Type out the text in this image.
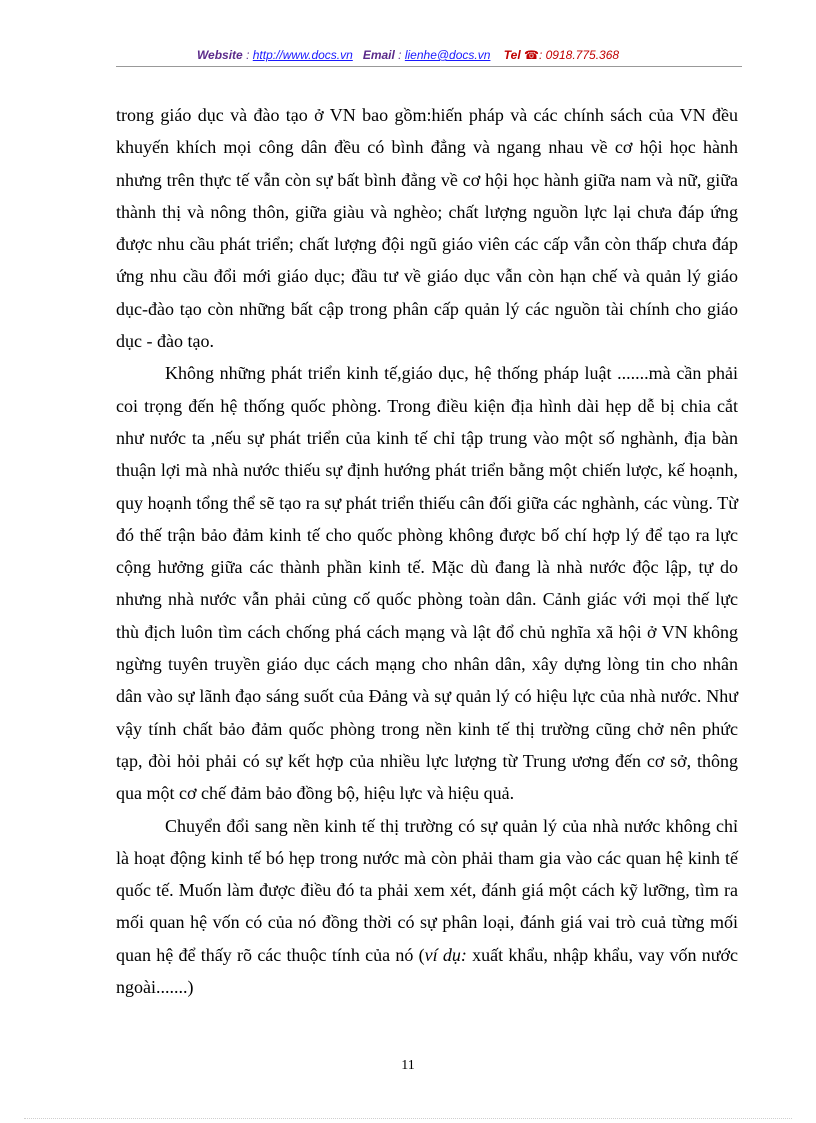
Website : http://www.docs.vn Email : lienhe@docs.vn Tel ☎: 0918.775.368

trong giáo dục và đào tạo ở VN bao gồm:hiến pháp và các chính sách của VN đều khuyến khích mọi công dân đều có bình đẳng và ngang nhau về cơ hội học hành nhưng trên thực tế vẫn còn sự bất bình đẳng về cơ hội học hành giữa nam và nữ, giữa thành thị và nông thôn, giữa giàu và nghèo; chất lượng nguồn lực lại chưa đáp ứng được nhu cầu phát triển; chất lượng đội ngũ giáo viên các cấp vẫn còn thấp chưa đáp ứng nhu cầu đổi mới giáo dục; đầu tư về giáo dục vẫn còn hạn chế và quản lý giáo dục-đào tạo còn những bất cập trong phân cấp quản lý các nguồn tài chính cho giáo dục - đào tạo.

Không những phát triển kinh tế,giáo dục, hệ thống pháp luật .......mà cần phải coi trọng đến hệ thống quốc phòng. Trong điều kiện địa hình dài hẹp dễ bị chia cắt như nước ta ,nếu sự phát triển của kinh tế chỉ tập trung vào một số nghành, địa bàn thuận lợi mà nhà nước thiếu sự định hướng phát triển bằng một chiến lược, kế hoạnh, quy hoạnh tổng thể sẽ tạo ra sự phát triển thiếu cân đối giữa các nghành, các vùng. Từ đó thế trận bảo đảm kinh tế cho quốc phòng không được bố chí hợp lý để tạo ra lực cộng hưởng giữa các thành phần kinh tế. Mặc dù đang là nhà nước độc lập, tự do nhưng nhà nước vẫn phải củng cố quốc phòng toàn dân. Cảnh giác với mọi thế lực thù địch luôn tìm cách chống phá cách mạng và lật đổ chủ nghĩa xã hội ở VN không ngừng tuyên truyền giáo dục cách mạng cho nhân dân, xây dựng lòng tin cho nhân dân vào sự lãnh đạo sáng suốt của Đảng và sự quản lý có hiệu lực của nhà nước. Như vậy tính chất bảo đảm quốc phòng trong nền kinh tế thị trường cũng chở nên phức tạp, đòi hỏi phải có sự kết hợp của nhiều lực lượng từ Trung ương đến cơ sở, thông qua một cơ chế đảm bảo đồng bộ, hiệu lực và hiệu quả.

Chuyển đổi sang nền kinh tế thị trường có sự quản lý của nhà nước không chỉ là hoạt động kinh tế bó hẹp trong nước mà còn phải tham gia vào các quan hệ kinh tế quốc tế. Muốn làm được điều đó ta phải xem xét, đánh giá một cách kỹ lưỡng, tìm ra mối quan hệ vốn có của nó đồng thời có sự phân loại, đánh giá vai trò cuả từng mối quan hệ để thấy rõ các thuộc tính của nó (ví dụ: xuất khẩu, nhập khẩu, vay vốn nước ngoài.......)

11
